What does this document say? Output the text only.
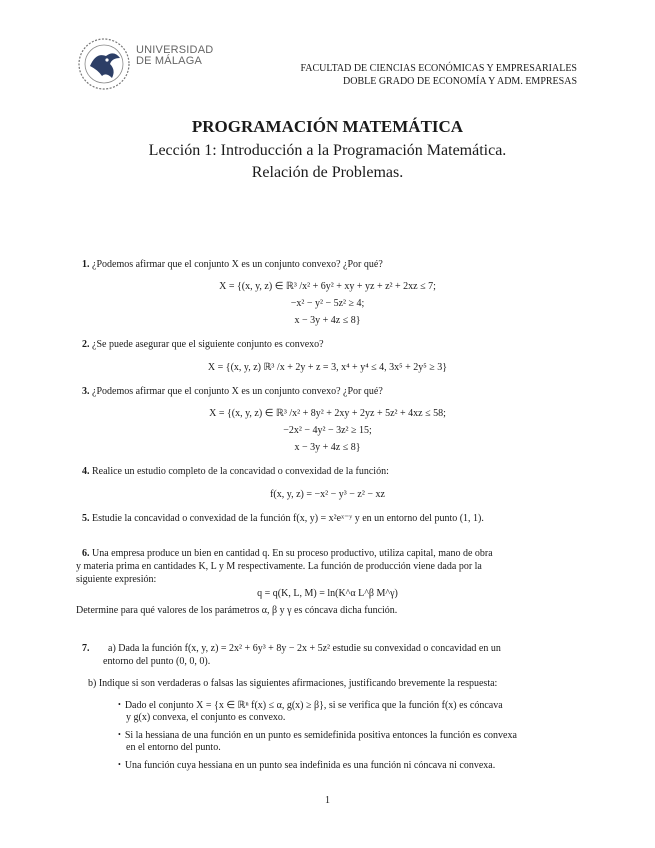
UNIVERSIDAD
DE MÁLAGA
FACULTAD DE CIENCIAS ECONÓMICAS Y EMPRESARIALES
DOBLE GRADO DE ECONOMÍA Y ADM. EMPRESAS
PROGRAMACIÓN MATEMÁTICA
Lección 1: Introducción a la Programación Matemática.
Relación de Problemas.
1. ¿Podemos afirmar que el conjunto X es un conjunto convexo? ¿Por qué?
X = {(x, y, z) ∈ ℝ³ /x² + 6y² + xy + yz + z² + 2xz ≤ 7;
−x² − y² − 5z² ≥ 4;
x − 3y + 4z ≤ 8}
2. ¿Se puede asegurar que el siguiente conjunto es convexo?
X = {(x, y, z) ℝ³ /x + 2y + z = 3, x⁴ + y⁴ ≤ 4, 3x⁵ + 2y⁵ ≥ 3}
3. ¿Podemos afirmar que el conjunto X es un conjunto convexo? ¿Por qué?
X = {(x, y, z) ∈ ℝ³ /x² + 8y² + 2xy + 2yz + 5z² + 4xz ≤ 58;
−2x² − 4y² − 3z² ≥ 15;
x − 3y + 4z ≤ 8}
4. Realice un estudio completo de la concavidad o convexidad de la función:
f(x, y, z) = −x² − y³ − z² − xz
5. Estudie la concavidad o convexidad de la función f(x, y) = x²eˣ⁻ʸ y en un entorno del punto (1, 1).
6. Una empresa produce un bien en cantidad q. En su proceso productivo, utiliza capital, mano de obra
y materia prima en cantidades K, L y M respectivamente. La función de producción viene dada por la
siguiente expresión:
q = q(K, L, M) = ln(K^α L^β M^γ)
Determine para qué valores de los parámetros α, β y γ es cóncava dicha función.
7. a) Dada la función f(x, y, z) = 2x² + 6y³ + 8y − 2x + 5z² estudie su convexidad o concavidad en un
entorno del punto (0, 0, 0).
b) Indique si son verdaderas o falsas las siguientes afirmaciones, justificando brevemente la respuesta:
• Dado el conjunto X = {x ∈ ℝⁿ f(x) ≤ α, g(x) ≥ β}, si se verifica que la función f(x) es cóncava
y g(x) convexa, el conjunto es convexo.
• Si la hessiana de una función en un punto es semidefinida positiva entonces la función es convexa
en el entorno del punto.
• Una función cuya hessiana en un punto sea indefinida es una función ni cóncava ni convexa.
1
